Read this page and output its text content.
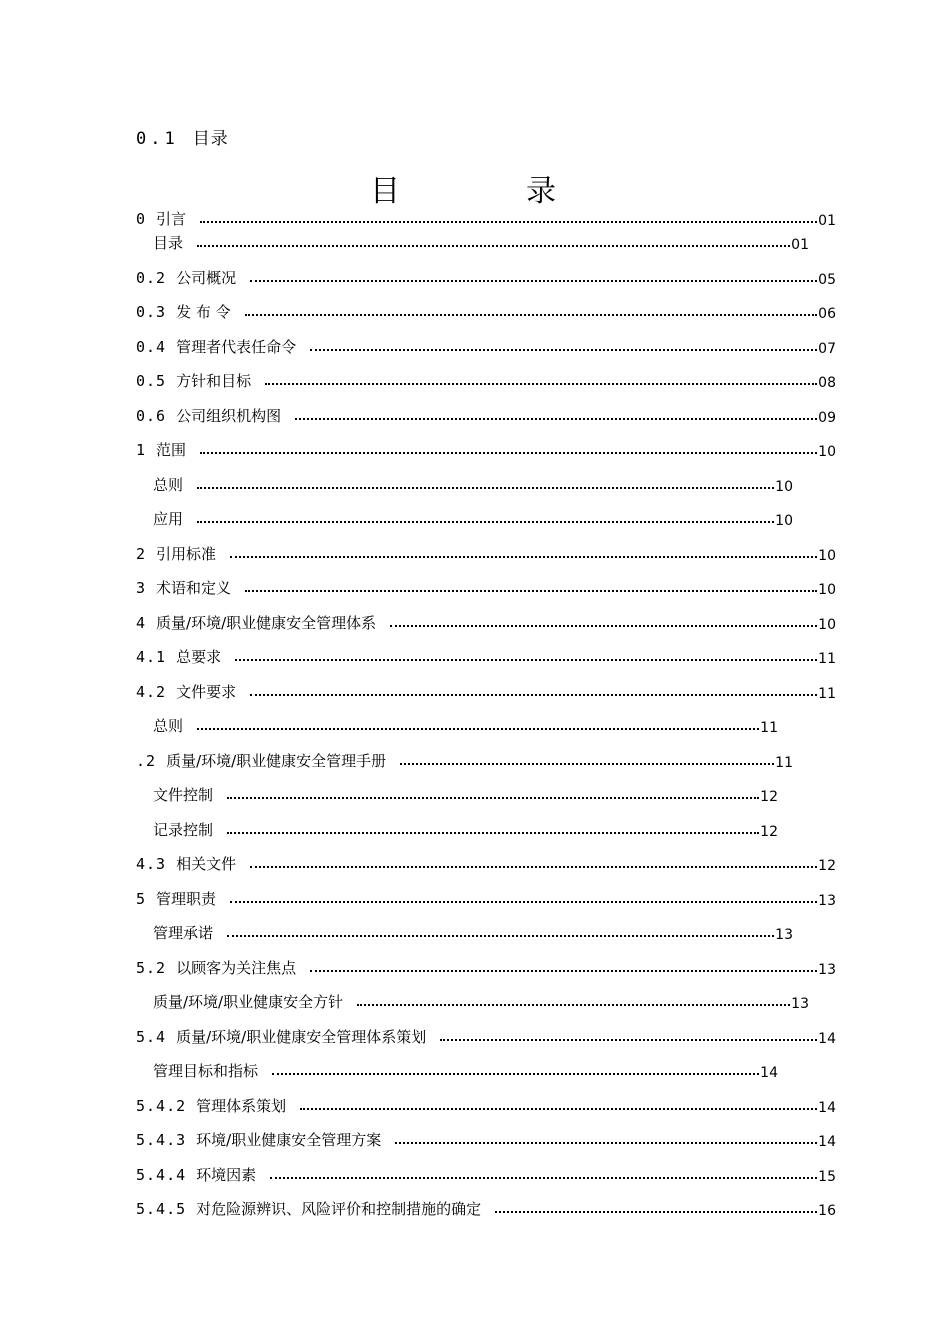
0.1 目录
目　录
0 引言	01
目录	01
0.2 公司概况	05
0.3 发 布 令	06
0.4 管理者代表任命令	07
0.5 方针和目标	08
0.6 公司组织机构图	09
1 范围	10
总则	10
应用	10
2 引用标准	10
3 术语和定义	10
4 质量/环境/职业健康安全管理体系	10
4.1 总要求	11
4.2 文件要求	11
总则	11
.2 质量/环境/职业健康安全管理手册	11
文件控制	12
记录控制	12
4.3 相关文件	12
5 管理职责	13
管理承诺	13
5.2 以顾客为关注焦点	13
质量/环境/职业健康安全方针	13
5.4 质量/环境/职业健康安全管理体系策划	14
管理目标和指标	14
5.4.2 管理体系策划	14
5.4.3 环境/职业健康安全管理方案	14
5.4.4 环境因素	15
5.4.5 对危险源辨识、风险评价和控制措施的确定	16
